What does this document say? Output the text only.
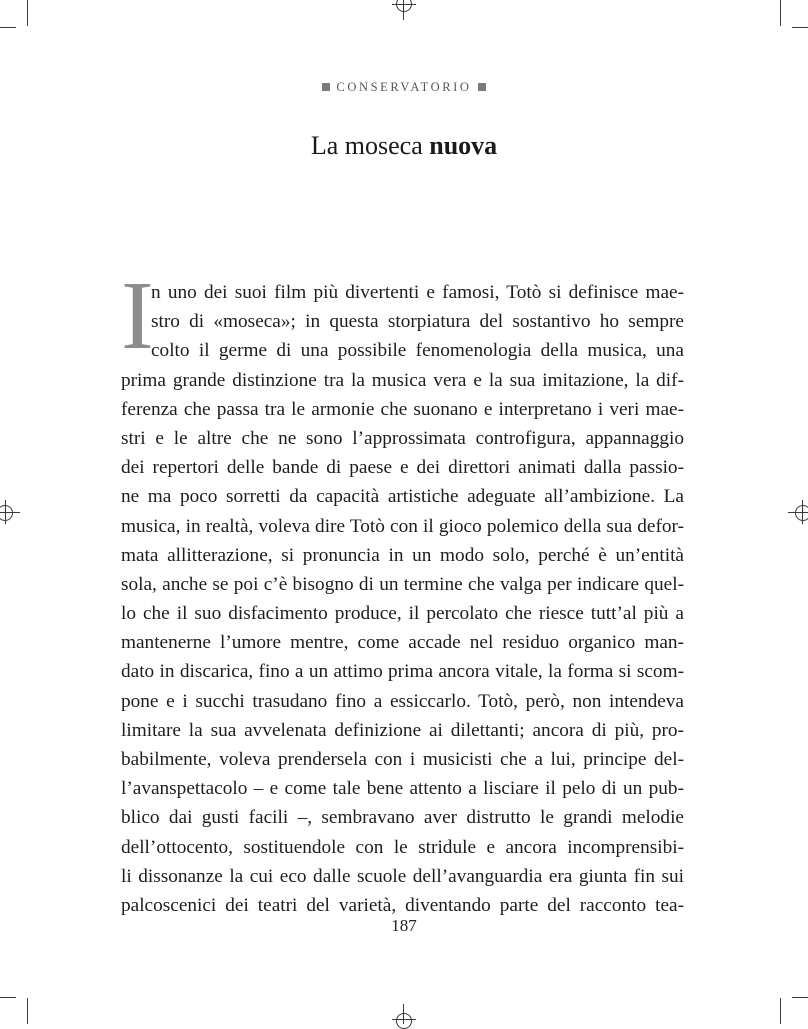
CONSERVATORIO
La moseca nuova
I
n uno dei suoi film più divertenti e famosi, Totò si definisce mae-
stro di «moseca»; in questa storpiatura del sostantivo ho sempre
colto il germe di una possibile fenomenologia della musica, una
prima grande distinzione tra la musica vera e la sua imitazione, la dif-
ferenza che passa tra le armonie che suonano e interpretano i veri mae-
stri e le altre che ne sono l’approssimata controfigura, appannaggio
dei repertori delle bande di paese e dei direttori animati dalla passio-
ne ma poco sorretti da capacità artistiche adeguate all’ambizione. La
musica, in realtà, voleva dire Totò con il gioco polemico della sua defor-
mata allitterazione, si pronuncia in un modo solo, perché è un’entità
sola, anche se poi c’è bisogno di un termine che valga per indicare quel-
lo che il suo disfacimento produce, il percolato che riesce tutt’al più a
mantenerne l’umore mentre, come accade nel residuo organico man-
dato in discarica, fino a un attimo prima ancora vitale, la forma si scom-
pone e i succhi trasudano fino a essiccarlo. Totò, però, non intendeva
limitare la sua avvelenata definizione ai dilettanti; ancora di più, pro-
babilmente, voleva prendersela con i musicisti che a lui, principe del-
l’avanspettacolo – e come tale bene attento a lisciare il pelo di un pub-
blico dai gusti facili –, sembravano aver distrutto le grandi melodie
dell’ottocento, sostituendole con le stridule e ancora incomprensibi-
li dissonanze la cui eco dalle scuole dell’avanguardia era giunta fin sui
palcoscenici dei teatri del varietà, diventando parte del racconto tea-
187
